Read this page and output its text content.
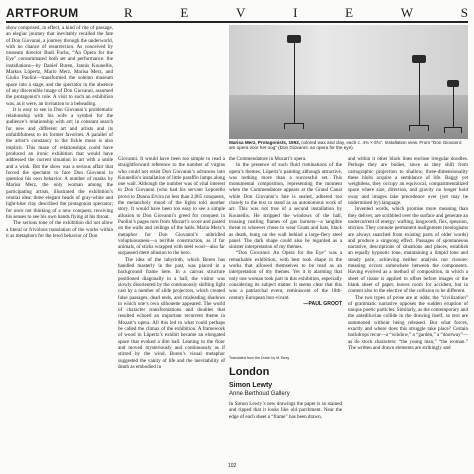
ARTFORUM	R	E	V	I	E	W	S

show comprised, in effect, a kind of rite of passage, an elegiac journey that inevitably recalled the fate of Don Giovanni, a journey through the underworld, with no chance of resurrection. As conceived by museum director Rudi Fuchs, “An Opera for the Eye” consummated both set and performance: the installations—by Daniel Buren, Jannis Kounellis, Markus Lüpertz, Mario Merz, Marisa Merz, and Giulio Paolini—transformed the solemn museum space into a stage, and the spectator in the absence of any discernible image of Don Giovanni, assumed the protagonist’s role. A visit to such an exhibition was, as it were, an invitation to a beheading.

It is easy to see in Don Giovanni’s problematic relationship with his wife a symbol for the audience’s relationship with art; in constant search for new and different art and artists and its unfaithfulness to its former favorites. A parallel of the artist’s constancy to the fickle muse is also implicit. This maze of relationships could have produced an ironic exhibition that would have addressed the current situation in art with a smile and a wink. But the show was a serious affair that forced the spectator to face Don Giovanni to question his own behavior. A number of masks by Marisa Merz, the only woman among the participating artists, illustrated the exhibition’s central idea: three elegant heads of gray-white and light-blue clay described the protagonist spectator; for once not thinking of a new conquest, receiving his senses to see his own hands flying at his throat.

The serious tone of the exhibition did not allow a literal or frivolous translation of the works within it as metaphors for the lewd behavior of Don

Giovanni. It would have been too simple to read a straightforward reference to the number of virgins who could not resist Don Giovanni’s advances into Kounellis’s installation of little paraffin lamps along one wall. Although the number was of vital interest to Don Giovanni (who had his servant Leporello prove to Donna Elvira no less than 2,065 conquests, the melancholy mood of the lights told another story. It would have been too easy to see a simple allusion to Don Giovanni’s greed for conquest in Paolini’s pages torn from Mozart’s score and pasted on the walls and ceilings of the halls. Mario Merz’s metaphor for Don Giovanni’s unbridled voluptuousness—a terrible construction, as if for animals, of sticks wrapped with steel wool—also far surpassed mere allusion to the hero.

The idea of the labyrinth, which Buren has handled masterly in the past, was placed in a background frame here. In a canvas structure positioned diagonally in a hall, the visitor was slowly disoriented by the continuously shifting light cast by a number of slide projectors, which created false passages, dead ends, and misleading shadows in which one’s own silhouette appeared. The world of character transformations and doubles that resulted echoed an important recurrent theme in Mozart’s opera. All this led to what could perhaps be called the climax of the exhibition. A framework of wood in Lüpertz’s exhibit became an elongated space that evoked a dim hall. Leaning to the floor and moved mysteriously and continuously as if stirred by the wind. Buren’s visual metaphor suggested the vanity of life and the inevitability of death as embodied in

Marisa Merz, Protagonists, 1993, colored wax and clay, each c. 4¾ × 5¾". Installation view. From "Don Giovanni: am opera voor het oog" (Don Giovanni: an opera for the eye).

the Commendatore in Mozart’s opera.

In the presence of such fluid ruminations of the opera’s themes, Lüpertz’s painting although attractive, was nothing more than a successful set. This monumental composition, representing the moment when the Commendatore appears at the Grand Canal while Don Giovanni’s fate is sealed, adhered too closely to the text to stand as an autonomous work of art. This was not true of a second installation by Kounellis. He stripped the windows of the hall, trussing rustling flames of gas burners—a tangible threat to whoever chose to wear Goats and hats, black as death, hung on the wall behind a large-fiery steel panel. The dark shape could also be regarded as a sinister interpretation of my themes.

“Don Giovanni: An Opera for the Eye” was a remarkable exhibition, with best took shape in the works that allowed themselves to be read as an interpretation of my themes. Yet it is alarming that only one woman took part in this exhibition, especially considering its subject matter. It seems clear that this was a patriarchal event, reminiscent of the 18th-century European bon-vivant.

—PAUL GROOT

Translated from the Dutch by M. Bezy
London
Simon Lewty
Anne Berthoud Gallery

In Simon Lewty’s new drawings the paper is so stained and ripped that it looks like old parchment. Near the edge of each sheet a “frame” has been drawn,

and within it other black lines enclose irregular doodles. Perhaps they are bodies, since as they shift from cartographic projection to shallow, three-dimensionality these blobs acquire a semblance of life. Baggy yet weightless, they occupy an equivocal, compartmentalized space where size, direction, and gravity no longer hold sway and images take precedence over (yet may be undermined by) language.

Invented words, which promise more meaning than they deliver, are scribbled over the surface and generate an undercurrent of energy: wafting, longworth, flex, spession, stiction. They connote permanent realignment (neologisms are always snatched from existing parts of older words) and produce a singsong effect. Passages of spontaneous narrative, descriptions of situations and places, establish an equally hypnotic tone, maintaining a limpid tone and steady pace, achieving neither analysis nor closure: meaning occurs somewhere between the components. Having evolved as a method of composition, in which a sheet of tissue is applied to offset before images or the blank sheet of paper, leaves room for accident, but in content also to the elective of the collision to be different.

The two types of prose are at odds; the “civilization” of grammatic narrative opposes the sudden eruption of unique poetic particles. Similarly, as the contemporary and the antediluvian collide in the drawing itself, so text are summoned without being released. But what forces, exactly and where does this struggle take place? Certain backdrops recur—a “window,” a “garden,” a “doorway”—as do stock characters: “the young man,” “the woman.” The written and drawn elements are strikingly and

102
